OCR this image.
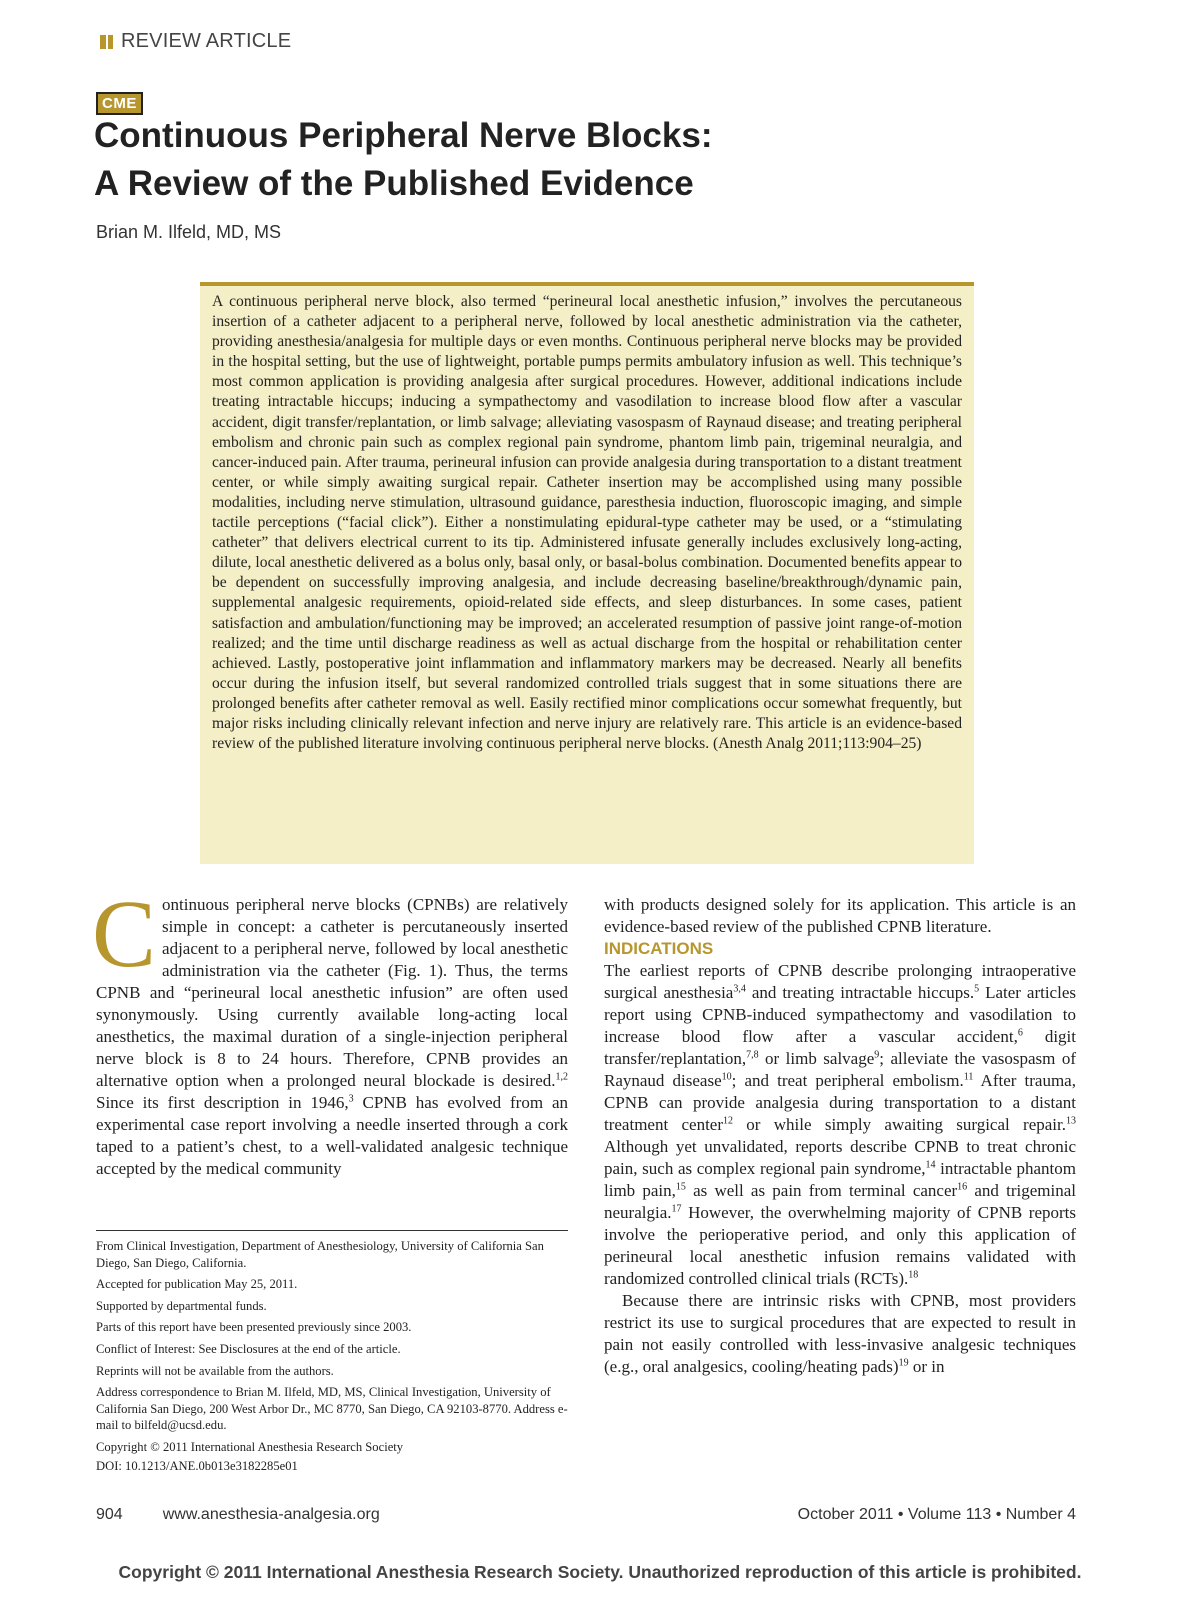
REVIEW ARTICLE
CME
Continuous Peripheral Nerve Blocks:
A Review of the Published Evidence
Brian M. Ilfeld, MD, MS
A continuous peripheral nerve block, also termed “perineural local anesthetic infusion,” involves the percutaneous insertion of a catheter adjacent to a peripheral nerve, followed by local anesthetic administration via the catheter, providing anesthesia/analgesia for multiple days or even months. Continuous peripheral nerve blocks may be provided in the hospital setting, but the use of lightweight, portable pumps permits ambulatory infusion as well. This technique’s most common application is providing analgesia after surgical procedures. However, additional indications include treating intractable hiccups; inducing a sympathectomy and vasodilation to increase blood flow after a vascular accident, digit transfer/replantation, or limb salvage; alleviating vasospasm of Raynaud disease; and treating peripheral embolism and chronic pain such as complex regional pain syndrome, phantom limb pain, trigeminal neuralgia, and cancer-induced pain. After trauma, perineural infusion can provide analgesia during transportation to a distant treatment center, or while simply awaiting surgical repair. Catheter insertion may be accomplished using many possible modalities, including nerve stimulation, ultrasound guidance, paresthesia induction, fluoroscopic imaging, and simple tactile perceptions (“facial click”). Either a nonstimulating epidural-type catheter may be used, or a “stimulating catheter” that delivers electrical current to its tip. Administered infusate generally includes exclusively long-acting, dilute, local anesthetic delivered as a bolus only, basal only, or basal-bolus combination. Documented benefits appear to be dependent on successfully improving analgesia, and include decreasing baseline/breakthrough/dynamic pain, supplemental analgesic requirements, opioid-related side effects, and sleep disturbances. In some cases, patient satisfaction and ambulation/functioning may be improved; an accelerated resumption of passive joint range-of-motion realized; and the time until discharge readiness as well as actual discharge from the hospital or rehabilitation center achieved. Lastly, postoperative joint inflammation and inflammatory markers may be decreased. Nearly all benefits occur during the infusion itself, but several randomized controlled trials suggest that in some situations there are prolonged benefits after catheter removal as well. Easily rectified minor complications occur somewhat frequently, but major risks including clinically relevant infection and nerve injury are relatively rare. This article is an evidence-based review of the published literature involving continuous peripheral nerve blocks. (Anesth Analg 2011;113:904–25)

Continuous peripheral nerve blocks (CPNBs) are relatively simple in concept: a catheter is percutaneously inserted adjacent to a peripheral nerve, followed by local anesthetic administration via the catheter (Fig. 1). Thus, the terms CPNB and “perineural local anesthetic infusion” are often used synonymously. Using currently available long-acting local anesthetics, the maximal duration of a single-injection peripheral nerve block is 8 to 24 hours. Therefore, CPNB provides an alternative option when a prolonged neural blockade is desired.$^{1,2}$ Since its first description in 1946,$^3$ CPNB has evolved from an experimental case report involving a needle inserted through a cork taped to a patient’s chest, to a well-validated analgesic technique accepted by the medical community

with products designed solely for its application. This article is an evidence-based review of the published CPNB literature.

INDICATIONS

The earliest reports of CPNB describe prolonging intraoperative surgical anesthesia$^{3,4}$ and treating intractable hiccups.$^5$ Later articles report using CPNB-induced sympathectomy and vasodilation to increase blood flow after a vascular accident,$^6$ digit transfer/replantation,$^{7,8}$ or limb salvage$^9$; alleviate the vasospasm of Raynaud disease$^{10}$; and treat peripheral embolism.$^{11}$ After trauma, CPNB can provide analgesia during transportation to a distant treatment center$^{12}$ or while simply awaiting surgical repair.$^{13}$ Although yet unvalidated, reports describe CPNB to treat chronic pain, such as complex regional pain syndrome,$^{14}$ intractable phantom limb pain,$^{15}$ as well as pain from terminal cancer$^{16}$ and trigeminal neuralgia.$^{17}$ However, the overwhelming majority of CPNB reports involve the perioperative period, and only this application of perineural local anesthetic infusion remains validated with randomized controlled clinical trials (RCTs).$^{18}$

Because there are intrinsic risks with CPNB, most providers restrict its use to surgical procedures that are expected to result in pain not easily controlled with less-invasive analgesic techniques (e.g., oral analgesics, cooling/heating pads)$^{19}$ or in

From Clinical Investigation, Department of Anesthesiology, University of California San Diego, San Diego, California.

Accepted for publication May 25, 2011.

Supported by departmental funds.

Parts of this report have been presented previously since 2003.

Conflict of Interest: See Disclosures at the end of the article.

Reprints will not be available from the authors.

Address correspondence to Brian M. Ilfeld, MD, MS, Clinical Investigation, University of California San Diego, 200 West Arbor Dr., MC 8770, San Diego, CA 92103-8770. Address e-mail to bilfeld@ucsd.edu.

Copyright © 2011 International Anesthesia Research Society

DOI: 10.1213/ANE.0b013e3182285e01

904	www.anesthesia-analgesia.org	October 2011 • Volume 113 • Number 4
Copyright © 2011 International Anesthesia Research Society. Unauthorized reproduction of this article is prohibited.
